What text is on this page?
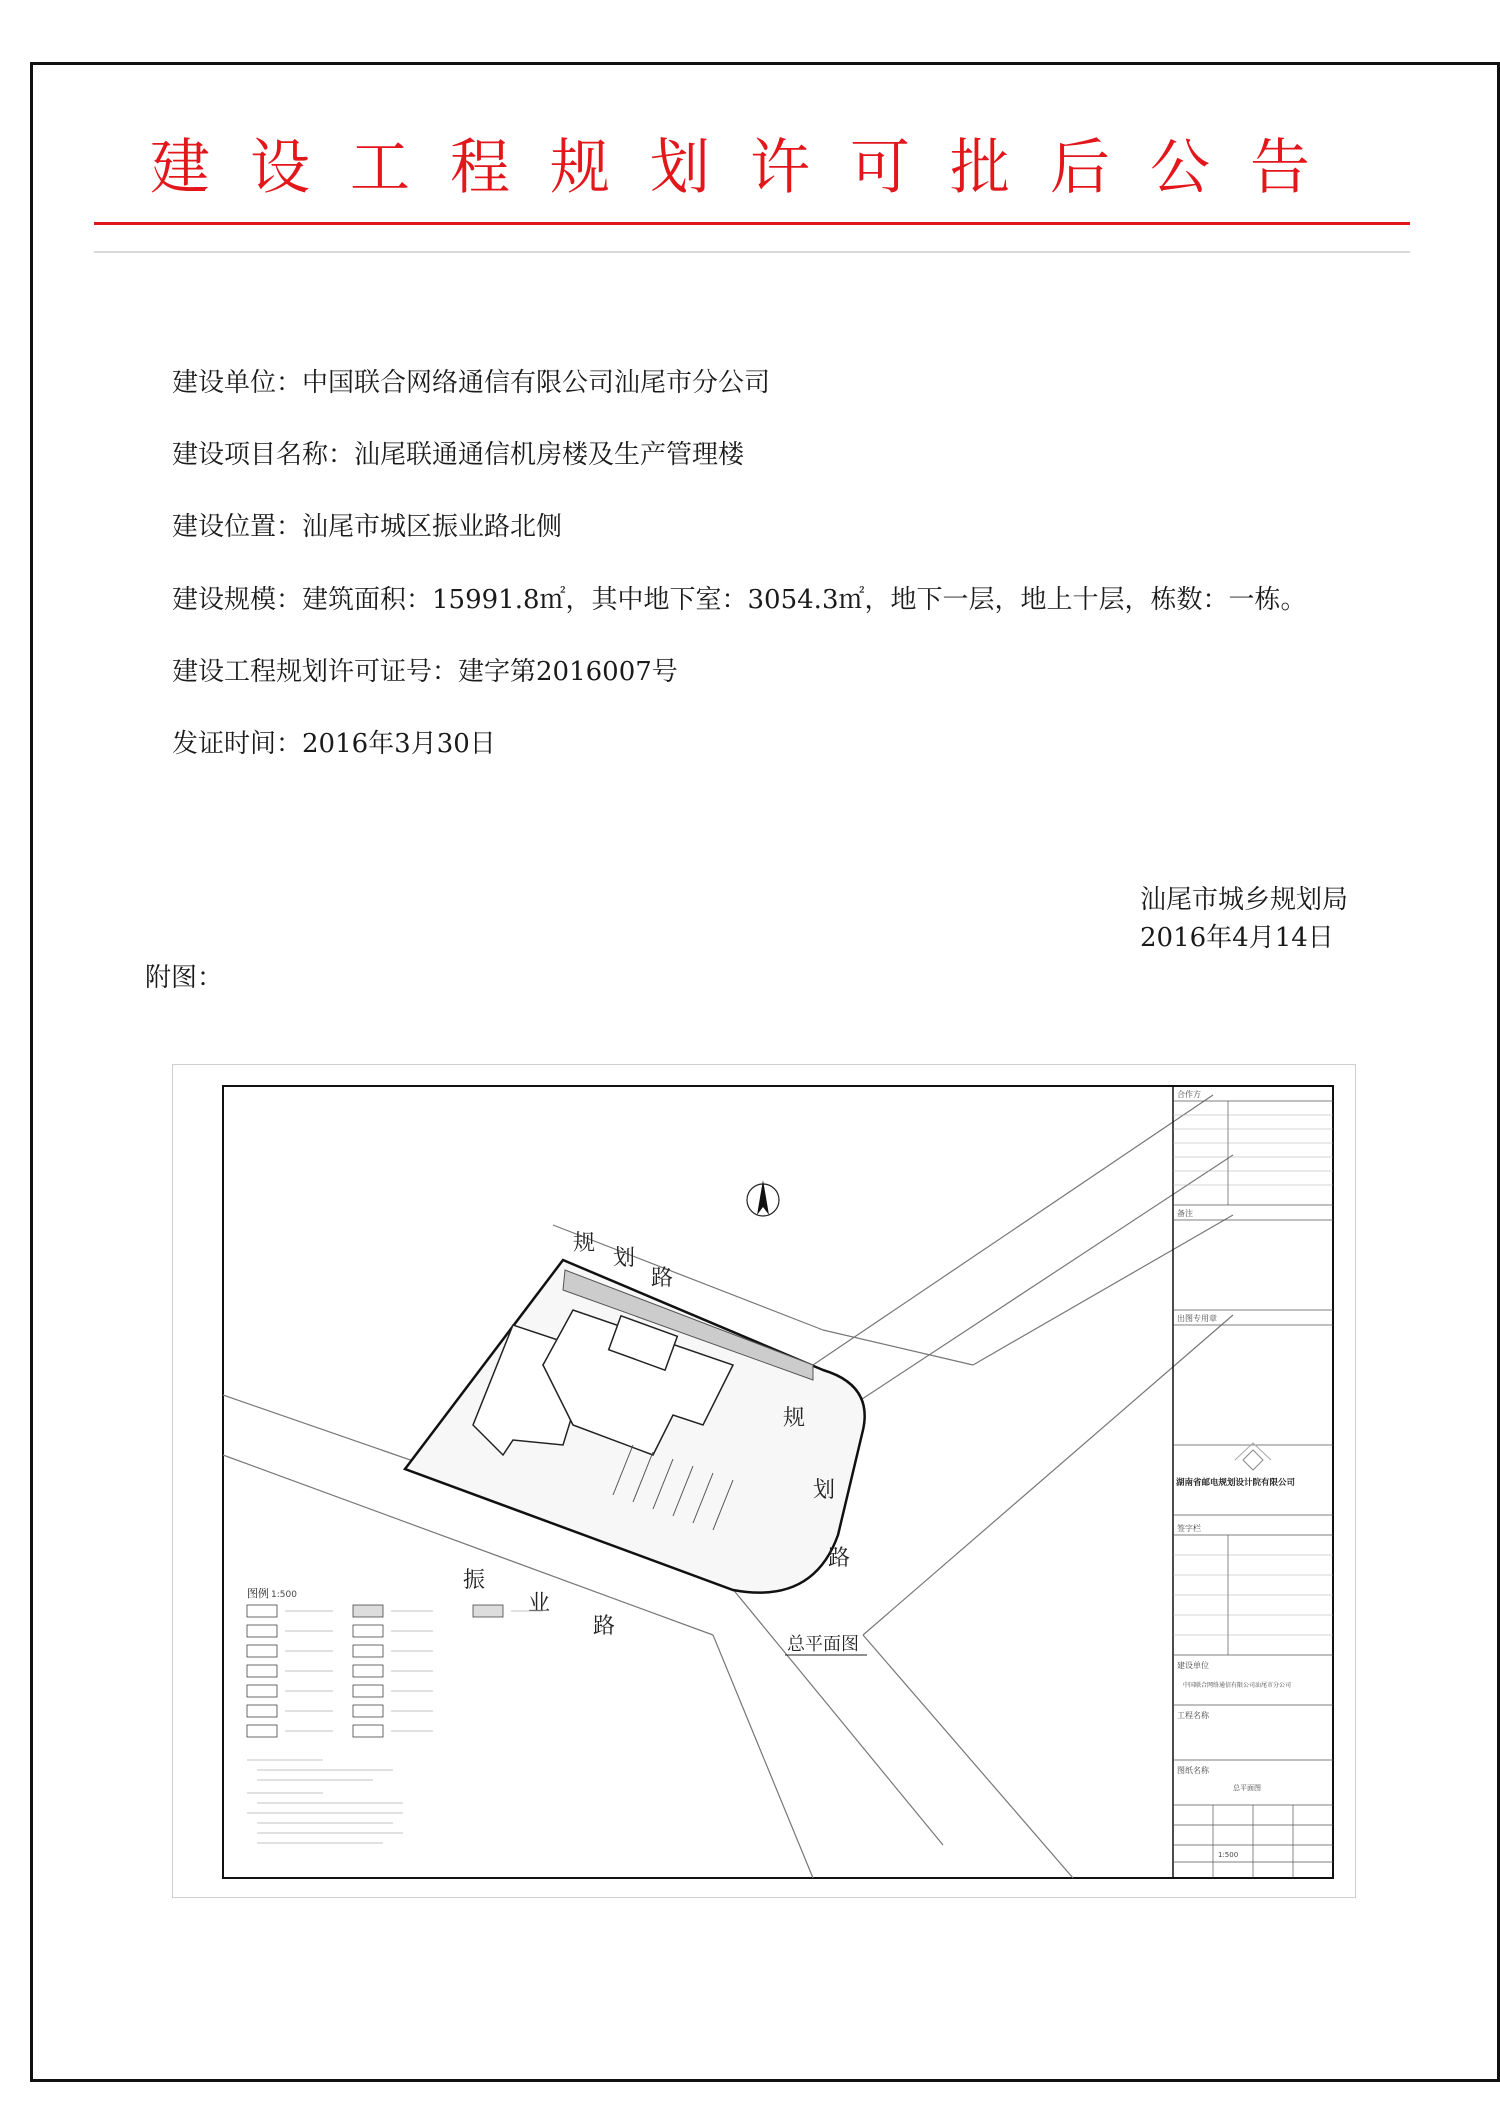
建设工程规划许可批后公告
建设单位：中国联合网络通信有限公司汕尾市分公司
建设项目名称：汕尾联通通信机房楼及生产管理楼
建设位置：汕尾市城区振业路北侧
建设规模：建筑面积：15991.8㎡，其中地下室：3054.3㎡，地下一层，地上十层，栋数：一栋。
建设工程规划许可证号：建字第2016007号
发证时间：2016年3月30日
汕尾市城乡规划局
2016年4月14日
附图：
规
划
路
规
划
路
振
业
路
总平面图
图例 1:500
合作方
备注
出图专用章
签字栏
建设单位
工程名称
图纸名称
湖南省邮电规划设计院有限公司
中国联合网络通信有限公司汕尾市分公司
总平面图
1:500
